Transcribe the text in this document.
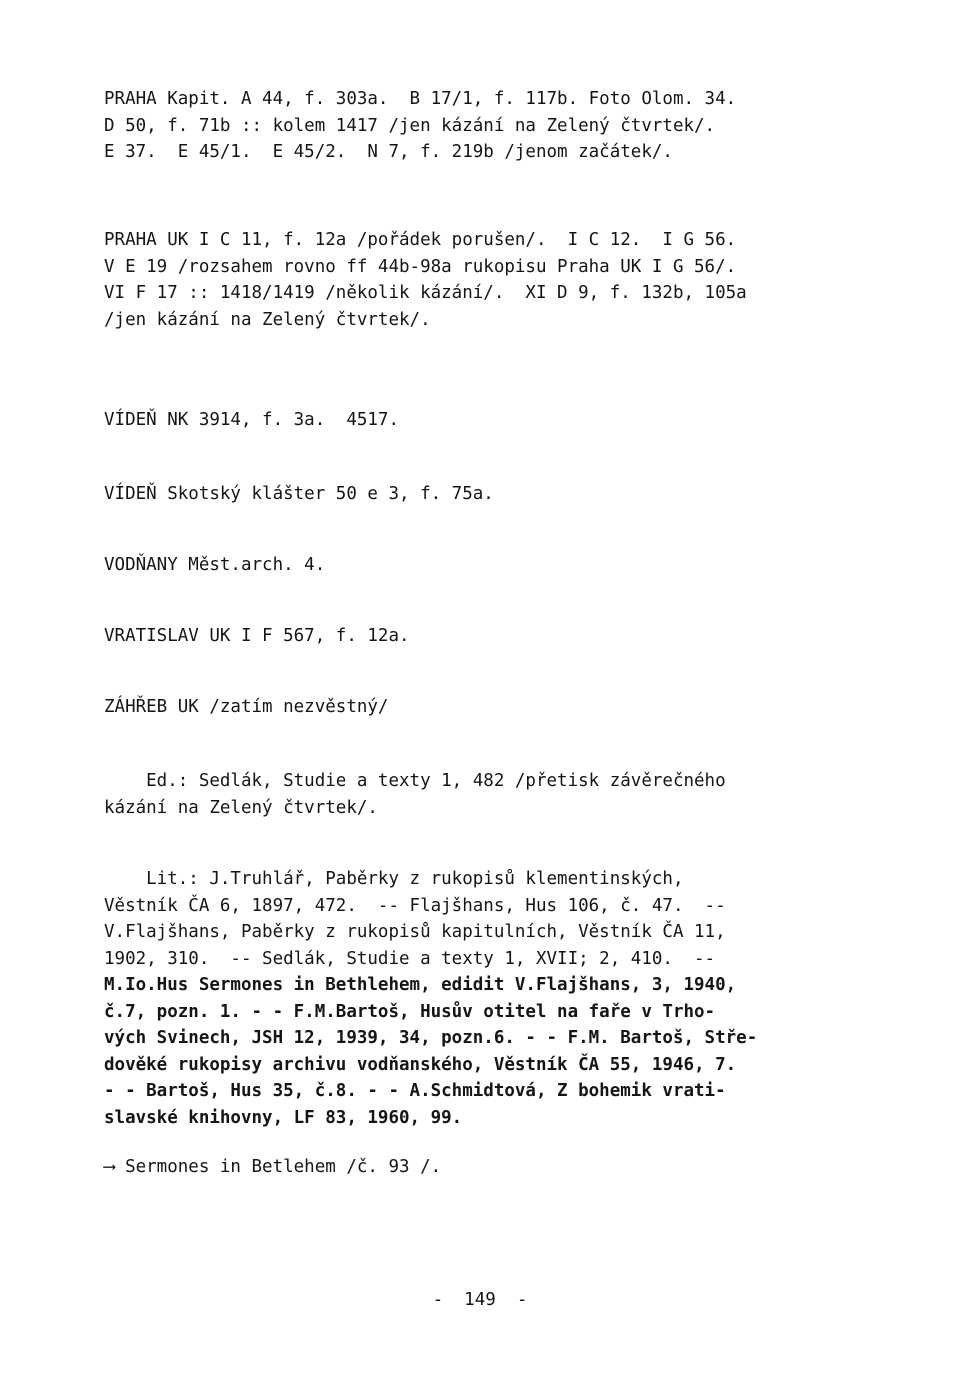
PRAHA Kapit. A 44, f. 303a.  B 17/1, f. 117b. Foto Olom. 34.
D 50, f. 71b :: kolem 1417 /jen kázání na Zelený čtvrtek/.
E 37.  E 45/1.  E 45/2.  N 7, f. 219b /jenom začátek/.
PRAHA UK I C 11, f. 12a /pořádek porušen/.  I C 12.  I G 56.
V E 19 /rozsahem rovno ff 44b-98a rukopisu Praha UK I G 56/.
VI F 17 :: 1418/1419 /několik kázání/.  XI D 9, f. 132b, 105a
/jen kázání na Zelený čtvrtek/.
VÍDEŇ NK 3914, f. 3a.  4517.
VÍDEŇ Skotský klášter 50 e 3, f. 75a.
VODŇANY Měst.arch. 4.
VRATISLAV UK I F 567, f. 12a.
ZÁHŘEB UK /zatím nezvěstný/
Ed.: Sedlák, Studie a texty 1, 482 /přetisk závěrečného
kázání na Zelený čtvrtek/.
Lit.: J.Truhlář, Paběrky z rukopisů klementinských,
Věstník ČA 6, 1897, 472.  -- Flajšhans, Hus 106, č. 47.  --
V.Flajšhans, Paběrky z rukopisů kapitulních, Věstník ČA 11,
1902, 310.  -- Sedlák, Studie a texty 1, XVII; 2, 410.  --
M.Io.Hus Sermones in Bethlehem, edidit V.Flajšhans, 3, 1940,
č.7, pozn. 1. - - F.M.Bartoš, Husův otitel na faře v Trho-
vých Svinech, JSH 12, 1939, 34, pozn.6. - - F.M. Bartoš, Stře-
dověké rukopisy archivu vodňanského, Věstník ČA 55, 1946, 7.
- - Bartoš, Hus 35, č.8. - - A.Schmidtová, Z bohemik vrati-
slavské knihovny, LF 83, 1960, 99.
⟶ Sermones in Betlehem /č. 93 /.
-  149  -
